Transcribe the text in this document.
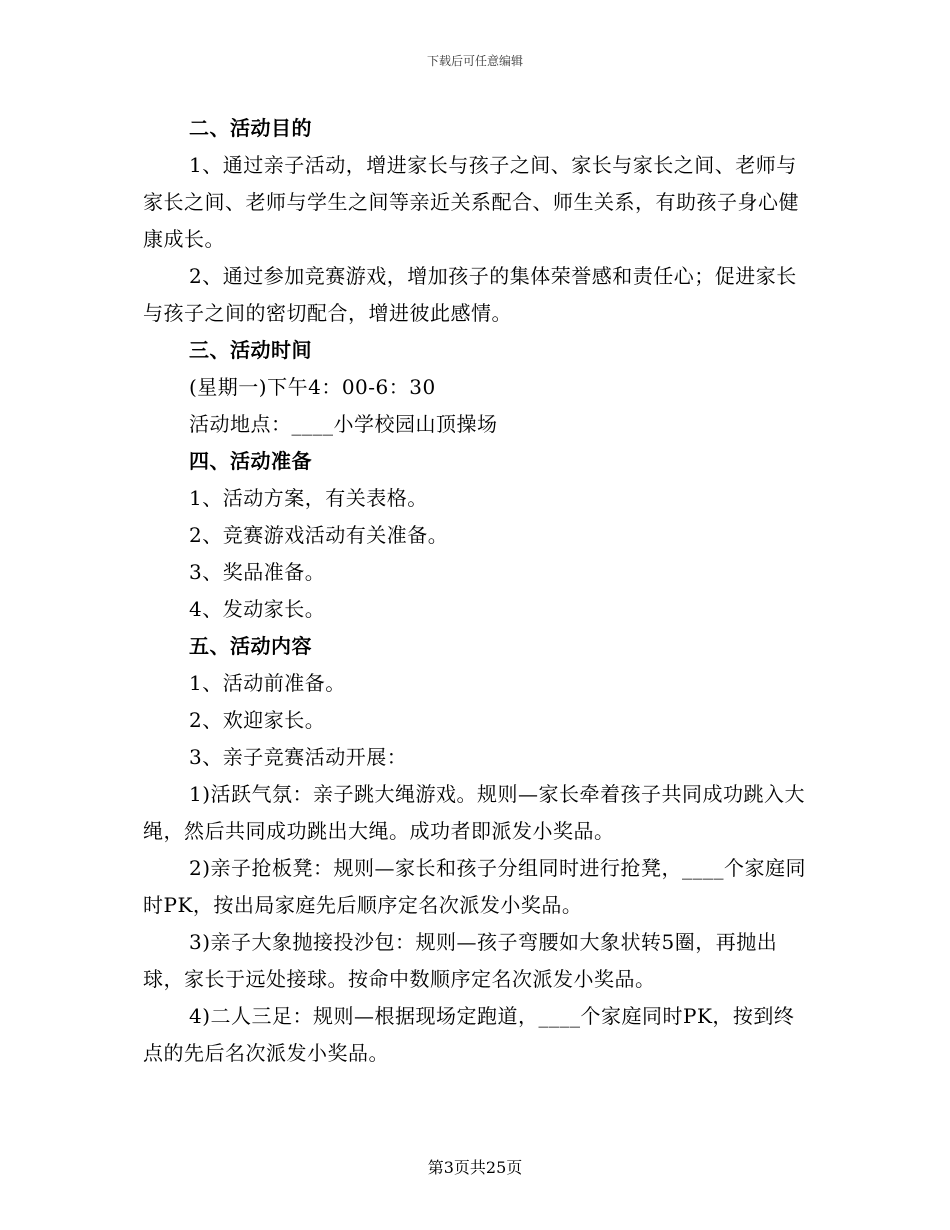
下载后可任意编辑

二、活动目的

1、通过亲子活动，增进家长与孩子之间、家长与家长之间、老师与家长之间、老师与学生之间等亲近关系配合、师生关系，有助孩子身心健康成长。

2、通过参加竞赛游戏，增加孩子的集体荣誉感和责任心；促进家长与孩子之间的密切配合，增进彼此感情。

三、活动时间

(星期一)下午4：00-6：30

活动地点：____小学校园山顶操场

四、活动准备

1、活动方案，有关表格。

2、竞赛游戏活动有关准备。

3、奖品准备。

4、发动家长。

五、活动内容

1、活动前准备。

2、欢迎家长。

3、亲子竞赛活动开展：

1)活跃气氛：亲子跳大绳游戏。规则—家长牵着孩子共同成功跳入大绳，然后共同成功跳出大绳。成功者即派发小奖品。

2)亲子抢板凳：规则—家长和孩子分组同时进行抢凳，____个家庭同时PK，按出局家庭先后顺序定名次派发小奖品。

3)亲子大象抛接投沙包：规则—孩子弯腰如大象状转5圈，再抛出球，家长于远处接球。按命中数顺序定名次派发小奖品。

4)二人三足：规则—根据现场定跑道，____个家庭同时PK，按到终点的先后名次派发小奖品。

第3页共25页
